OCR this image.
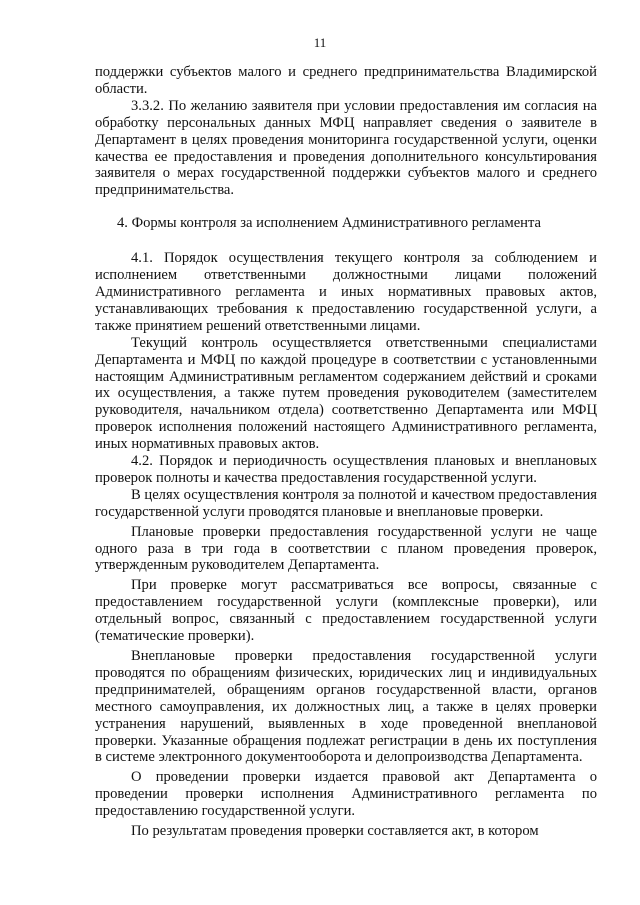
11

поддержки субъектов малого и среднего предпринимательства Владимирской области.

3.3.2. По желанию заявителя при условии предоставления им согласия на обработку персональных данных МФЦ направляет сведения о заявителе в Департамент в целях проведения мониторинга государственной услуги, оценки качества ее предоставления и проведения дополнительного консультирования заявителя о мерах государственной поддержки субъектов малого и среднего предпринимательства.

4. Формы контроля за исполнением Административного регламента

4.1. Порядок осуществления текущего контроля за соблюдением и исполнением ответственными должностными лицами положений Административного регламента и иных нормативных правовых актов, устанавливающих требования к предоставлению государственной услуги, а также принятием решений ответственными лицами.

Текущий контроль осуществляется ответственными специалистами Департамента и МФЦ по каждой процедуре в соответствии с установленными настоящим Административным регламентом содержанием действий и сроками их осуществления, а также путем проведения руководителем (заместителем руководителя, начальником отдела) соответственно Департамента или МФЦ проверок исполнения положений настоящего Административного регламента, иных нормативных правовых актов.

4.2. Порядок и периодичность осуществления плановых и внеплановых проверок полноты и качества предоставления государственной услуги.

В целях осуществления контроля за полнотой и качеством предоставления государственной услуги проводятся плановые и внеплановые проверки.

Плановые проверки предоставления государственной услуги не чаще одного раза в три года в соответствии с планом проведения проверок, утвержденным руководителем Департамента.

При проверке могут рассматриваться все вопросы, связанные с предоставлением государственной услуги (комплексные проверки), или отдельный вопрос, связанный с предоставлением государственной услуги (тематические проверки).

Внеплановые проверки предоставления государственной услуги проводятся по обращениям физических, юридических лиц и индивидуальных предпринимателей, обращениям органов государственной власти, органов местного самоуправления, их должностных лиц, а также в целях проверки устранения нарушений, выявленных в ходе проведенной внеплановой проверки. Указанные обращения подлежат регистрации в день их поступления в системе электронного документооборота и делопроизводства Департамента.

О проведении проверки издается правовой акт Департамента о проведении проверки исполнения Административного регламента по предоставлению государственной услуги.

По результатам проведения проверки составляется акт, в котором
